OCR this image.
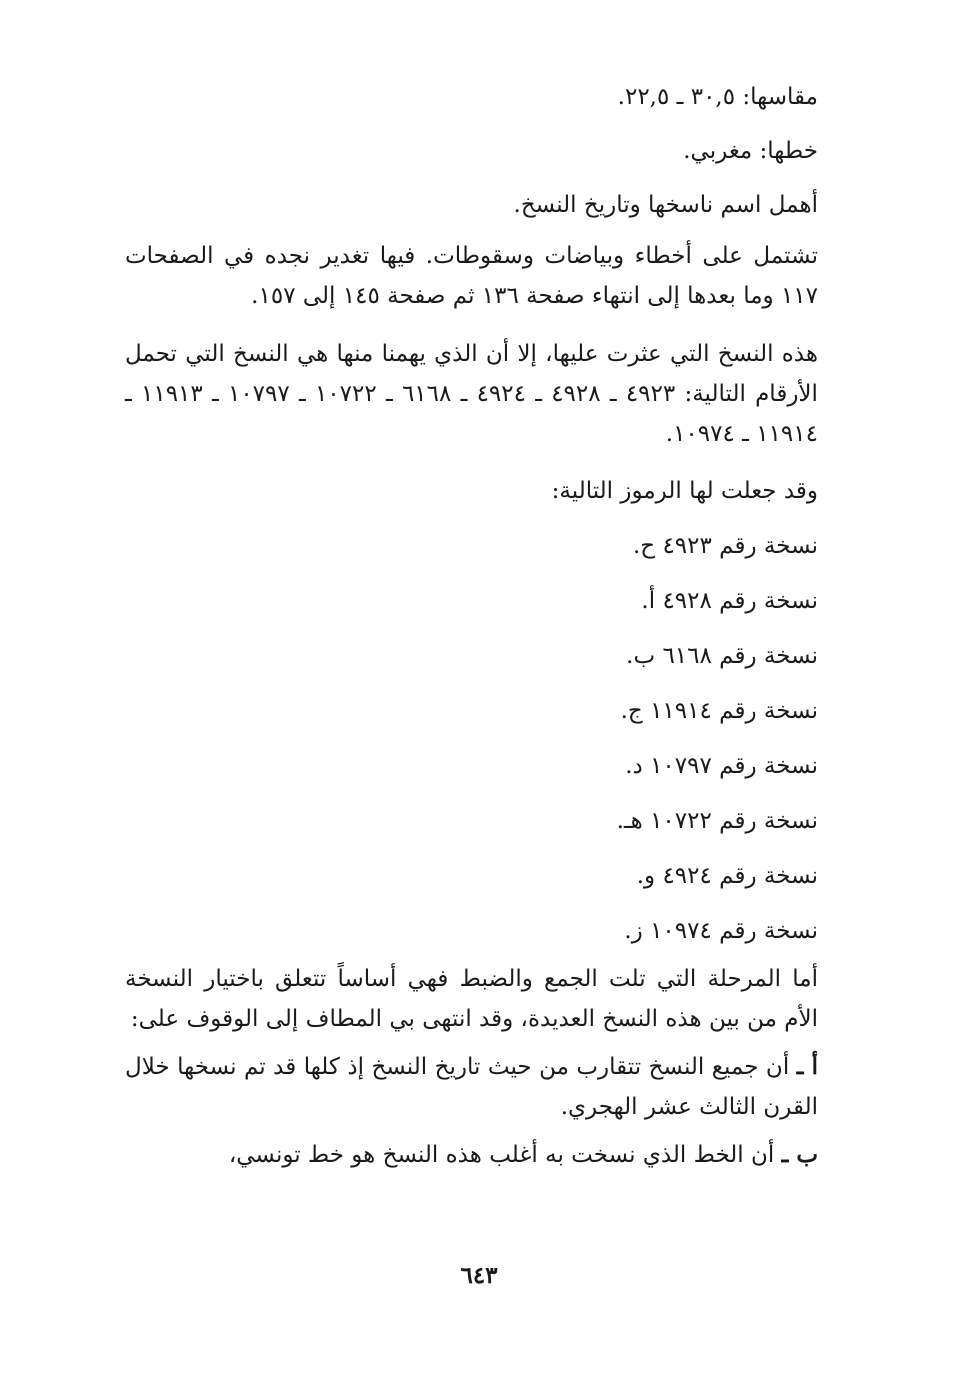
مقاسها: ٣٠,٥ ـ ٢٢,٥.
خطها: مغربي.
أهمل اسم ناسخها وتاريخ النسخ.
تشتمل على أخطاء وبياضات وسقوطات. فيها تغدير نجده في الصفحات ١١٧ وما بعدها إلى انتهاء صفحة ١٣٦ ثم صفحة ١٤٥ إلى ١٥٧.
هذه النسخ التي عثرت عليها، إلا أن الذي يهمنا منها هي النسخ التي تحمل الأرقام التالية: ٤٩٢٣ ـ ٤٩٢٨ ـ ٤٩٢٤ ـ ٦١٦٨ ـ ١٠٧٢٢ ـ ١٠٧٩٧ ـ ١١٩١٣ ـ ١١٩١٤ ـ ١٠٩٧٤.
وقد جعلت لها الرموز التالية:
نسخة رقم ٤٩٢٣ ح.
نسخة رقم ٤٩٢٨ أ.
نسخة رقم ٦١٦٨ ب.
نسخة رقم ١١٩١٤ ج.
نسخة رقم ١٠٧٩٧ د.
نسخة رقم ١٠٧٢٢ هـ.
نسخة رقم ٤٩٢٤ و.
نسخة رقم ١٠٩٧٤ ز.
أما المرحلة التي تلت الجمع والضبط فهي أساساً تتعلق باختيار النسخة الأم من بين هذه النسخ العديدة، وقد انتهى بي المطاف إلى الوقوف على:
أ ـ أن جميع النسخ تتقارب من حيث تاريخ النسخ إذ كلها قد تم نسخها خلال القرن الثالث عشر الهجري.
ب ـ أن الخط الذي نسخت به أغلب هذه النسخ هو خط تونسي،
٦٤٣
